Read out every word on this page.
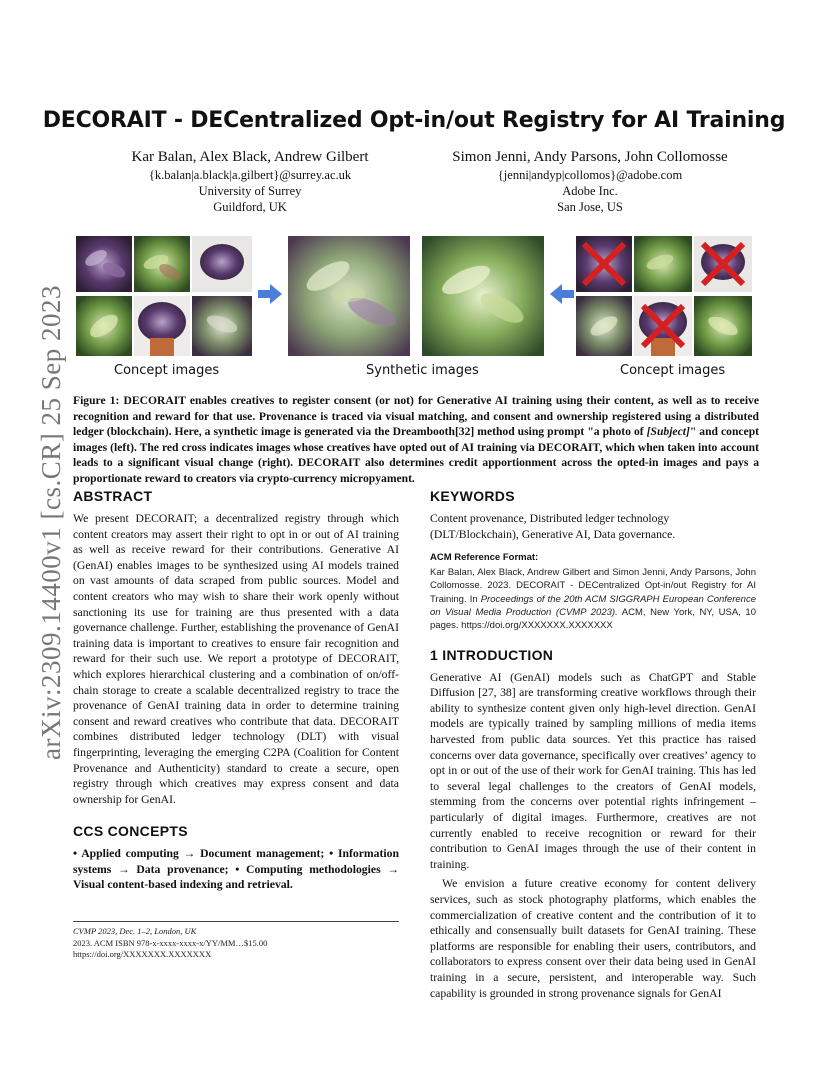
arXiv:2309.14400v1 [cs.CR] 25 Sep 2023
DECORAIT - DECentralized Opt-in/out Registry for AI Training
Kar Balan, Alex Black, Andrew Gilbert
{k.balan|a.black|a.gilbert}@surrey.ac.uk
University of Surrey
Guildford, UK
Simon Jenni, Andy Parsons, John Collomosse
{jenni|andyp|collomos}@adobe.com
Adobe Inc.
San Jose, US
Concept images	Synthetic images	Concept images
Figure 1: DECORAIT enables creatives to register consent (or not) for Generative AI training using their content, as well as to receive recognition and reward for that use. Provenance is traced via visual matching, and consent and ownership registered using a distributed ledger (blockchain). Here, a synthetic image is generated via the Dreambooth[32] method using prompt "a photo of [Subject]" and concept images (left). The red cross indicates images whose creatives have opted out of AI training via DECORAIT, which when taken into account leads to a significant visual change (right). DECORAIT also determines credit apportionment across the opted-in images and pays a proportionate reward to creators via crypto-currency micropyament.
ABSTRACT

We present DECORAIT; a decentralized registry through which content creators may assert their right to opt in or out of AI training as well as receive reward for their contributions. Generative AI (GenAI) enables images to be synthesized using AI models trained on vast amounts of data scraped from public sources. Model and content creators who may wish to share their work openly without sanctioning its use for training are thus presented with a data governance challenge. Further, establishing the provenance of GenAI training data is important to creatives to ensure fair recognition and reward for their such use. We report a prototype of DECORAIT, which explores hierarchical clustering and a combination of on/off-chain storage to create a scalable decentralized registry to trace the provenance of GenAI training data in order to determine training consent and reward creatives who contribute that data. DECORAIT combines distributed ledger technology (DLT) with visual fingerprinting, leveraging the emerging C2PA (Coalition for Content Provenance and Authenticity) standard to create a secure, open registry through which creatives may express consent and data ownership for GenAI.

CCS CONCEPTS

• Applied computing → Document management; • Information systems → Data provenance; • Computing methodologies → Visual content-based indexing and retrieval.

CVMP 2023, Dec. 1–2, London, UK
2023. ACM ISBN 978-x-xxxx-xxxx-x/YY/MM…$15.00
https://doi.org/XXXXXXX.XXXXXXX
KEYWORDS

Content provenance, Distributed ledger technology (DLT/Blockchain), Generative AI, Data governance.

ACM Reference Format:

Kar Balan, Alex Black, Andrew Gilbert and Simon Jenni, Andy Parsons, John Collomosse. 2023. DECORAIT - DECentralized Opt-in/out Registry for AI Training. In Proceedings of the 20th ACM SIGGRAPH European Conference on Visual Media Production (CVMP 2023). ACM, New York, NY, USA, 10 pages. https://doi.org/XXXXXXX.XXXXXXX

1 INTRODUCTION

Generative AI (GenAI) models such as ChatGPT and Stable Diffusion [27, 38] are transforming creative workflows through their ability to synthesize content given only high-level direction. GenAI models are typically trained by sampling millions of media items harvested from public data sources. Yet this practice has raised concerns over data governance, specifically over creatives’ agency to opt in or out of the use of their work for GenAI training. This has led to several legal challenges to the creators of GenAI models, stemming from the concerns over potential rights infringement – particularly of digital images. Furthermore, creatives are not currently enabled to receive recognition or reward for their contribution to GenAI images through the use of their content in training.

We envision a future creative economy for content delivery services, such as stock photography platforms, which enables the commercialization of creative content and the contribution of it to ethically and consensually built datasets for GenAI training. These platforms are responsible for enabling their users, contributors, and collaborators to express consent over their data being used in GenAI training in a secure, persistent, and interoperable way. Such capability is grounded in strong provenance signals for GenAI
